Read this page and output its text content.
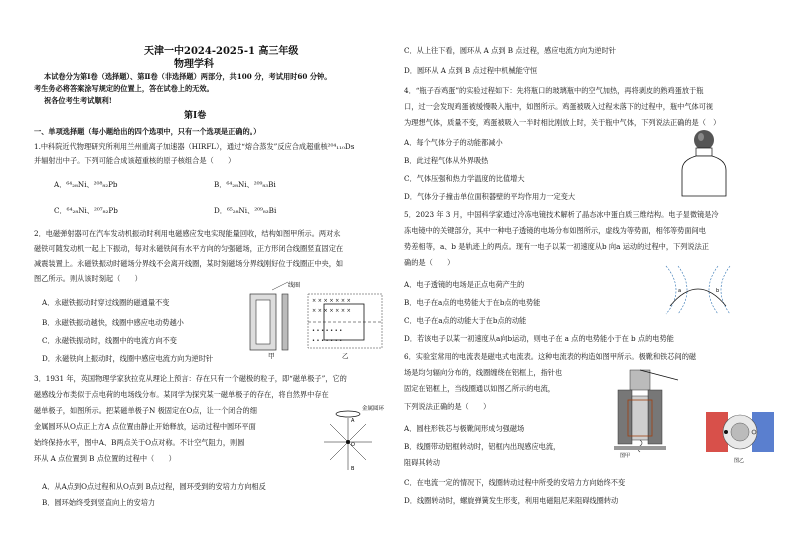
天津一中2024-2025-1 高三年级
物理学科
本试卷分为第Ⅰ卷（选择题）、第Ⅱ卷（非选择题）两部分，共100 分，考试用时60 分钟。
考生务必将答案涂写规定的位置上，答在试卷上的无效。
祝各位考生考试顺利!
第Ⅰ卷
一、单项选择题（每小题给出的四个选项中，只有一个选项是正确的。）
1.中科院近代物理研究所利用兰州重离子加速器（HIRFL），通过“熔合蒸发”反应合成超重核²⁰⁴₁₁₀Ds
并辐射出中子。下列可能合成该超重核的原子核组合是（　　）
A．⁶⁴₂₈Ni、²⁰⁸₈₂Pb	B．⁶⁴₂₈Ni、²⁰⁹₈₃Bi
C．⁶⁴₂₈Ni、²⁰⁷₈₂Pb	D．⁶⁵₂₈Ni、²⁰⁹₈₃Bi
2．电磁弹射器可在汽车发动机振动时利用电磁感应发电实现能量回收，结构如图甲所示。两对永
磁铁可随发动机一起上下振动，每对永磁铁间有水平方向的匀强磁场，正方形闭合线圈竖直固定在
减震装置上。永磁铁振动时磁场分界线不会离开线圈，某时刻磁场分界线刚好位于线圈正中央，如
图乙所示。则从该时刻起（　　）
A．永磁铁振动时穿过线圈的磁通量不变
B．永磁铁振动越快，线圈中感应电动势越小
C．永磁铁振动时，线圈中的电流方向不变
D．永磁铁向上振动时，线圈中感应电流方向为逆时针
线圈
甲
× × × × × × ×
× × × × × × ×
• • • • • • •
• • • • • • •
乙
3．1931 年，英国物理学家狄拉克从理论上预言：存在只有一个磁极的粒子，即“磁单极子”，它的
磁感线分布类似于点电荷的电场线分布。某同学为探究某一磁单极子的存在，将自然界中存在
磁单极子，如图所示。把某磁单极子N 极固定在O点，让一个闭合的细
金属圆环从O点正上方A 点位置由静止开始释放，运动过程中圆环平面
始终保持水平，图中A、B两点关于O点对称。不计空气阻力，则圆
环从 A 点位置到 B 点位置的过程中（　　）
A．从A点到O点过程和从O点到 B点过程，圆环受到的安培力方向相反
B．圆环始终受到竖直向上的安培力
金属圆环
O
A
B
C．从上往下看，圆环从 A 点到 B 点过程，感应电流方向为逆时针
D．圆环从 A 点到 B 点过程中机械能守恒
4．“瓶子吞鸡蛋”的实验过程如下：先将瓶口的玻璃瓶中的空气加热，再将剥皮的熟鸡蛋放于瓶
口，过一会发现鸡蛋被缓慢吸入瓶中，如图所示。鸡蛋被吸入过程未落下的过程中，瓶中气体可视
为理想气体，质量不变，鸡蛋被吸入一半时相比刚放上时，关于瓶中气体，下列说法正确的是（　）
A．每个气体分子的动能都减小
B．此过程气体从外界吸热
C．气体压强和热力学温度的比值增大
D．气体分子撞击单位面积器壁的平均作用力一定变大
5．2023 年 3 月，中国科学家通过冷冻电镜技术解析了晶态冰中蛋白质三维结构。电子显微镜是冷
冻电镜中的关键部分，其中一种电子透镜的电场分布如图所示，虚线为等势面，相邻等势面间电
势差相等，a、b 是轨迹上的两点。现有一电子以某一初速度从b 向a 运动的过程中，下列说法正
确的是（　　）
A．电子透镜的电场是正点电荷产生的
B．电子在a点的电势能大于在b点的电势能
C．电子在a点的动能大于在b点的动能
D．若该电子以某一初速度从a向b运动，则电子在 a 点的电势能小于在 b 点的电势能
a	b
6．实验室常用的电流表是磁电式电流表。这种电流表的构造如图甲所示。极靴和铁芯间的磁
场是均匀辐向分布的，线圈缠绕在铝框上，指针也
固定在铝框上，当线圈通以如图乙所示的电流，
下列说法正确的是（　　）
A．圆柱形铁芯与极靴间形成匀强磁场
B．线圈带动铝框转动时，铝框内出现感应电流，
阻碍其转动
C．在电流一定的情况下，线圈转动过程中所受的安培力方向始终不变
D．线圈转动时，螺旋弹簧发生形变，利用电磁阻尼来阻碍线圈转动
图甲
图乙
